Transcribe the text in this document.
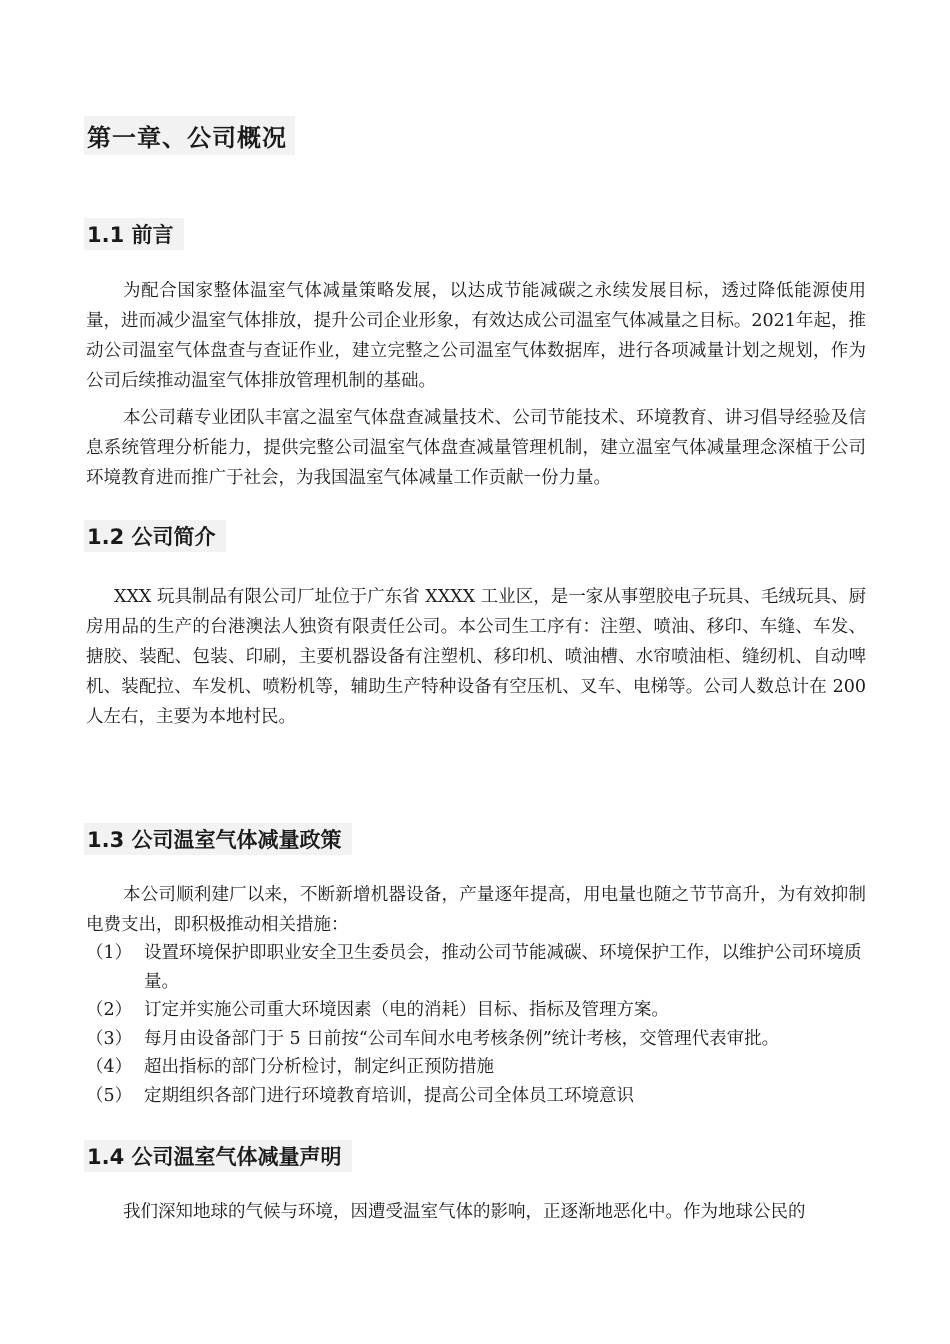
第一章、公司概况
1.1 前言

为配合国家整体温室气体减量策略发展，以达成节能减碳之永续发展目标，透过降低能源使用量，进而减少温室气体排放，提升公司企业形象，有效达成公司温室气体减量之目标。2021年起，推动公司温室气体盘查与查证作业，建立完整之公司温室气体数据库，进行各项减量计划之规划，作为公司后续推动温室气体排放管理机制的基础。

本公司藉专业团队丰富之温室气体盘查减量技术、公司节能技术、环境教育、讲习倡导经验及信息系统管理分析能力，提供完整公司温室气体盘查减量管理机制，建立温室气体减量理念深植于公司环境教育进而推广于社会，为我国温室气体减量工作贡献一份力量。

1.2 公司简介

XXX 玩具制品有限公司厂址位于广东省 XXXX 工业区，是一家从事塑胶电子玩具、毛绒玩具、厨房用品的生产的台港澳法人独资有限责任公司。本公司生工序有：注塑、喷油、移印、车缝、车发、搪胶、装配、包装、印刷，主要机器设备有注塑机、移印机、喷油槽、水帘喷油柜、缝纫机、自动啤机、装配拉、车发机、喷粉机等，辅助生产特种设备有空压机、叉车、电梯等。公司人数总计在 200 人左右，主要为本地村民。

1.3 公司温室气体减量政策

本公司顺利建厂以来，不断新增机器设备，产量逐年提高，用电量也随之节节高升，为有效抑制电费支出，即积极推动相关措施：

（1） 设置环境保护即职业安全卫生委员会，推动公司节能减碳、环境保护工作，以维护公司环境质量。
（2） 订定并实施公司重大环境因素（电的消耗）目标、指标及管理方案。
（3） 每月由设备部门于 5 日前按“公司车间水电考核条例”统计考核，交管理代表审批。
（4） 超出指标的部门分析检讨，制定纠正预防措施
（5） 定期组织各部门进行环境教育培训，提高公司全体员工环境意识
1.4 公司温室气体减量声明

我们深知地球的气候与环境，因遭受温室气体的影响，正逐渐地恶化中。作为地球公民的
